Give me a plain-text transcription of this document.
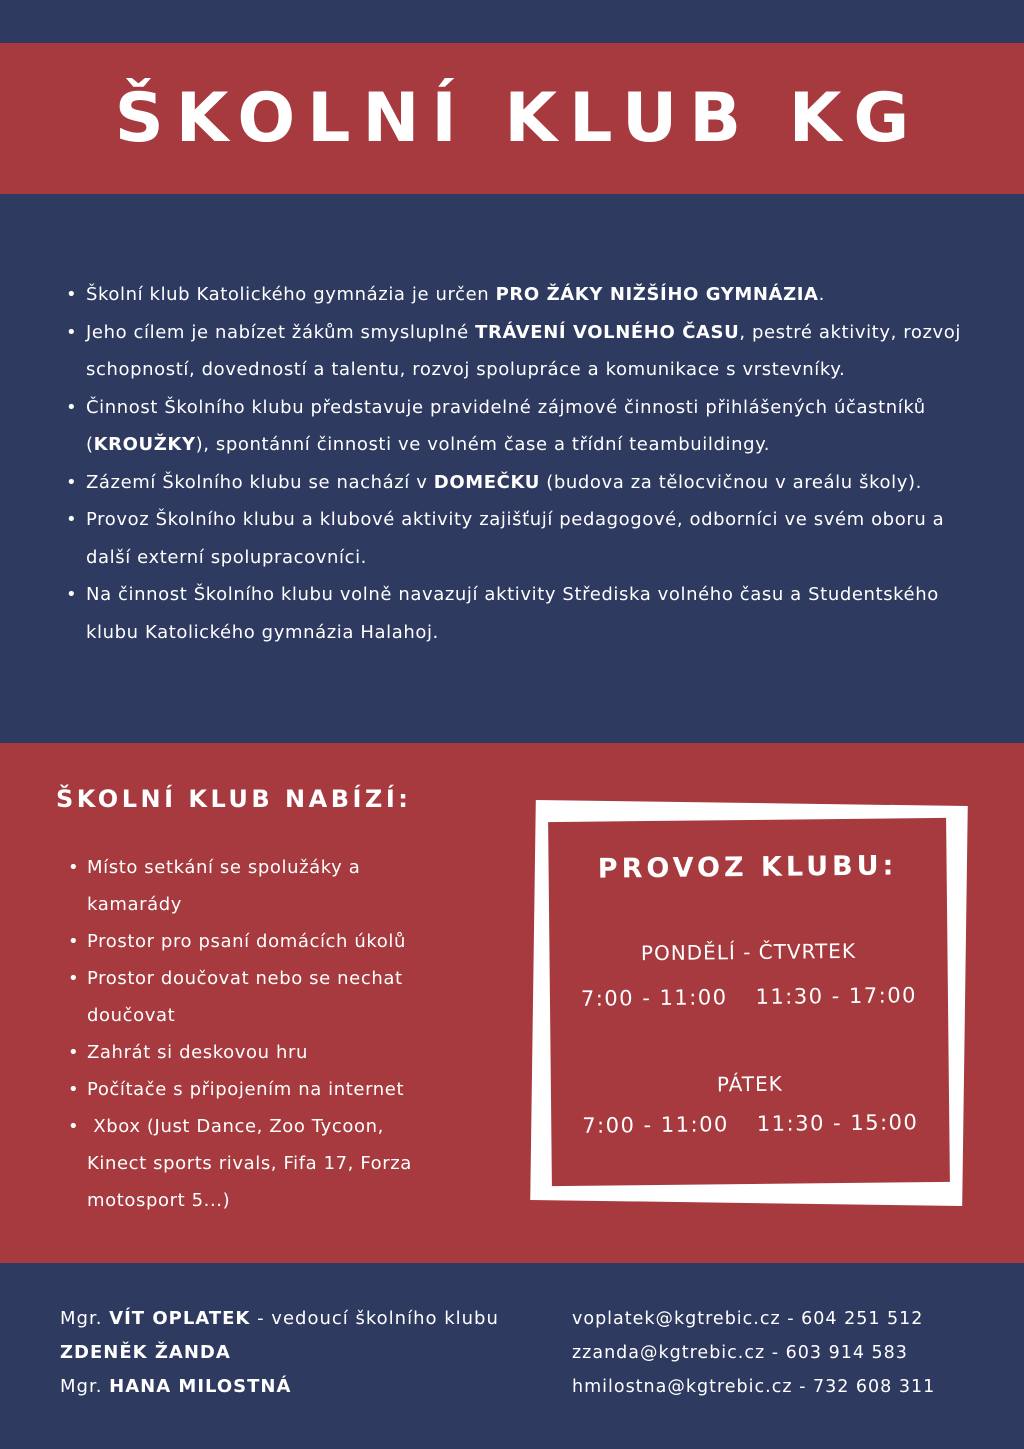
ŠKOLNÍ KLUB KG
• Školní klub Katolického gymnázia je určen PRO ŽÁKY NIŽŠÍHO GYMNÁZIA.
• Jeho cílem je nabízet žákům smysluplné TRÁVENÍ VOLNÉHO ČASU, pestré aktivity, rozvoj schopností, dovedností a talentu, rozvoj spolupráce a komunikace s vrstevníky.
• Činnost Školního klubu představuje pravidelné zájmové činnosti přihlášených účastníků (KROUŽKY), spontánní činnosti ve volném čase a třídní teambuildingy.
• Zázemí Školního klubu se nachází v DOMEČKU (budova za tělocvičnou v areálu školy).
• Provoz Školního klubu a klubové aktivity zajišťují pedagogové, odborníci ve svém oboru a další externí spolupracovníci.
• Na činnost Školního klubu volně navazují aktivity Střediska volného času a Studentského klubu Katolického gymnázia Halahoj.
ŠKOLNÍ KLUB NABÍZÍ:
• Místo setkání se spolužáky a kamarády
• Prostor pro psaní domácích úkolů
• Prostor doučovat nebo se nechat doučovat
• Zahrát si deskovou hru
• Počítače s připojením na internet
•  Xbox (Just Dance, Zoo Tycoon, Kinect sports rivals, Fifa 17, Forza motosport 5...)
PROVOZ KLUBU:
PONDĚLÍ - ČTVRTEK
7:00 - 11:00 11:30 - 17:00
PÁTEK
7:00 - 11:00 11:30 - 15:00
Mgr. VÍT OPLATEK - vedoucí školního klubu
ZDENĚK ŽANDA
Mgr. HANA MILOSTNÁ
voplatek@kgtrebic.cz - 604 251 512
zzanda@kgtrebic.cz - 603 914 583
hmilostna@kgtrebic.cz - 732 608 311
